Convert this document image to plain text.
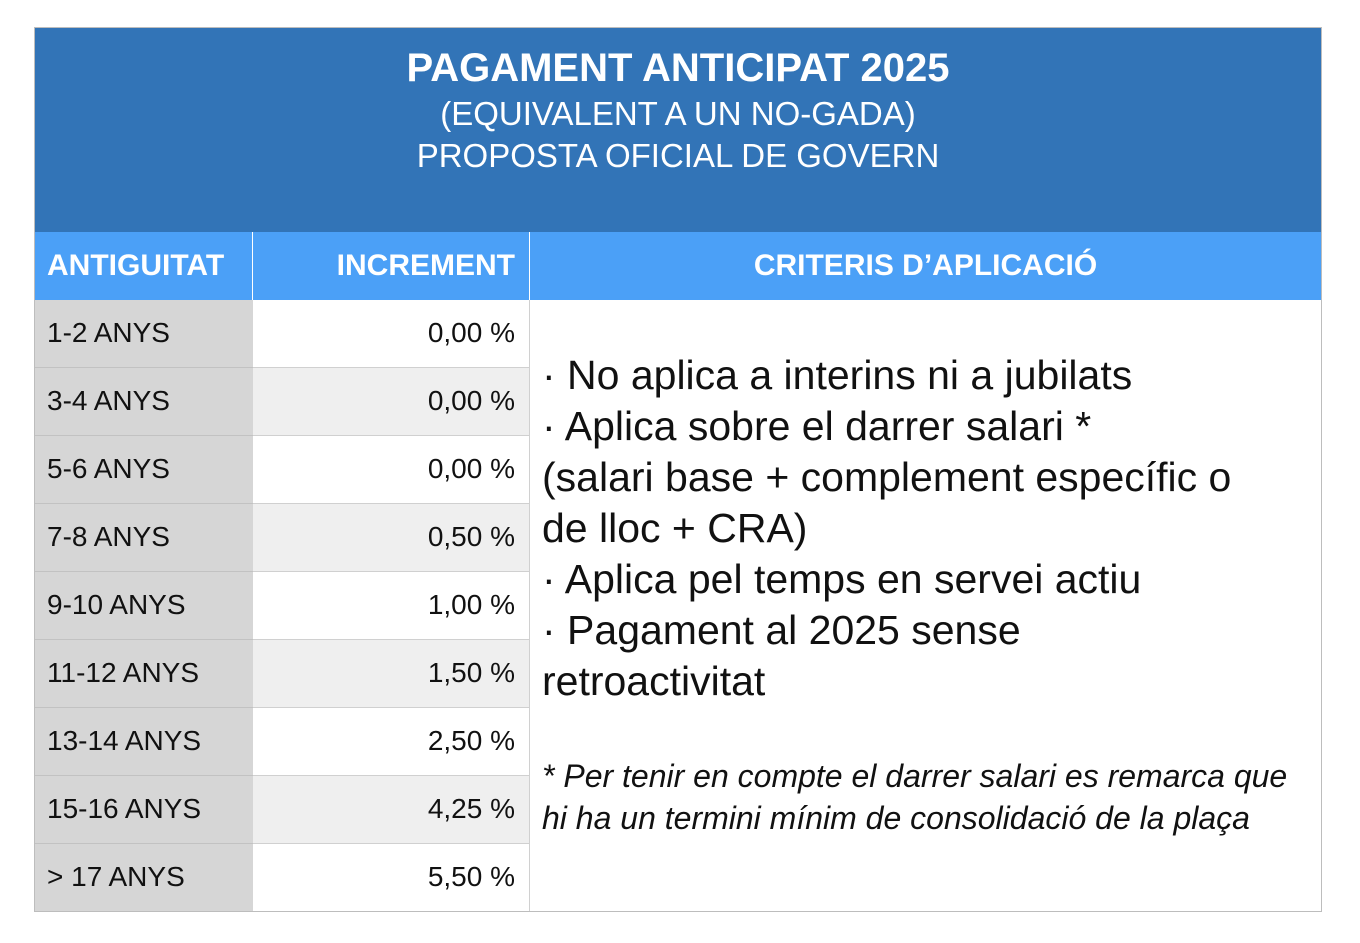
PAGAMENT ANTICIPAT 2025
(EQUIVALENT A UN NO-GADA)
PROPOSTA OFICIAL DE GOVERN
ANTIGUITAT	INCREMENT	CRITERIS D’APLICACIÓ
1-2 ANYS	0,00 %
3-4 ANYS	0,00 %
5-6 ANYS	0,00 %
7-8 ANYS	0,50 %
9-10 ANYS	1,00 %
11-12 ANYS	1,50 %
13-14 ANYS	2,50 %
15-16 ANYS	4,25 %
> 17 ANYS	5,50 %
· No aplica a interins ni a jubilats
· Aplica sobre el darrer salari *
(salari base + complement específic o
de lloc + CRA)
· Aplica pel temps en servei actiu
· Pagament al 2025 sense
retroactivitat
* Per tenir en compte el darrer salari es remarca que hi ha un termini mínim de consolidació de la plaça
